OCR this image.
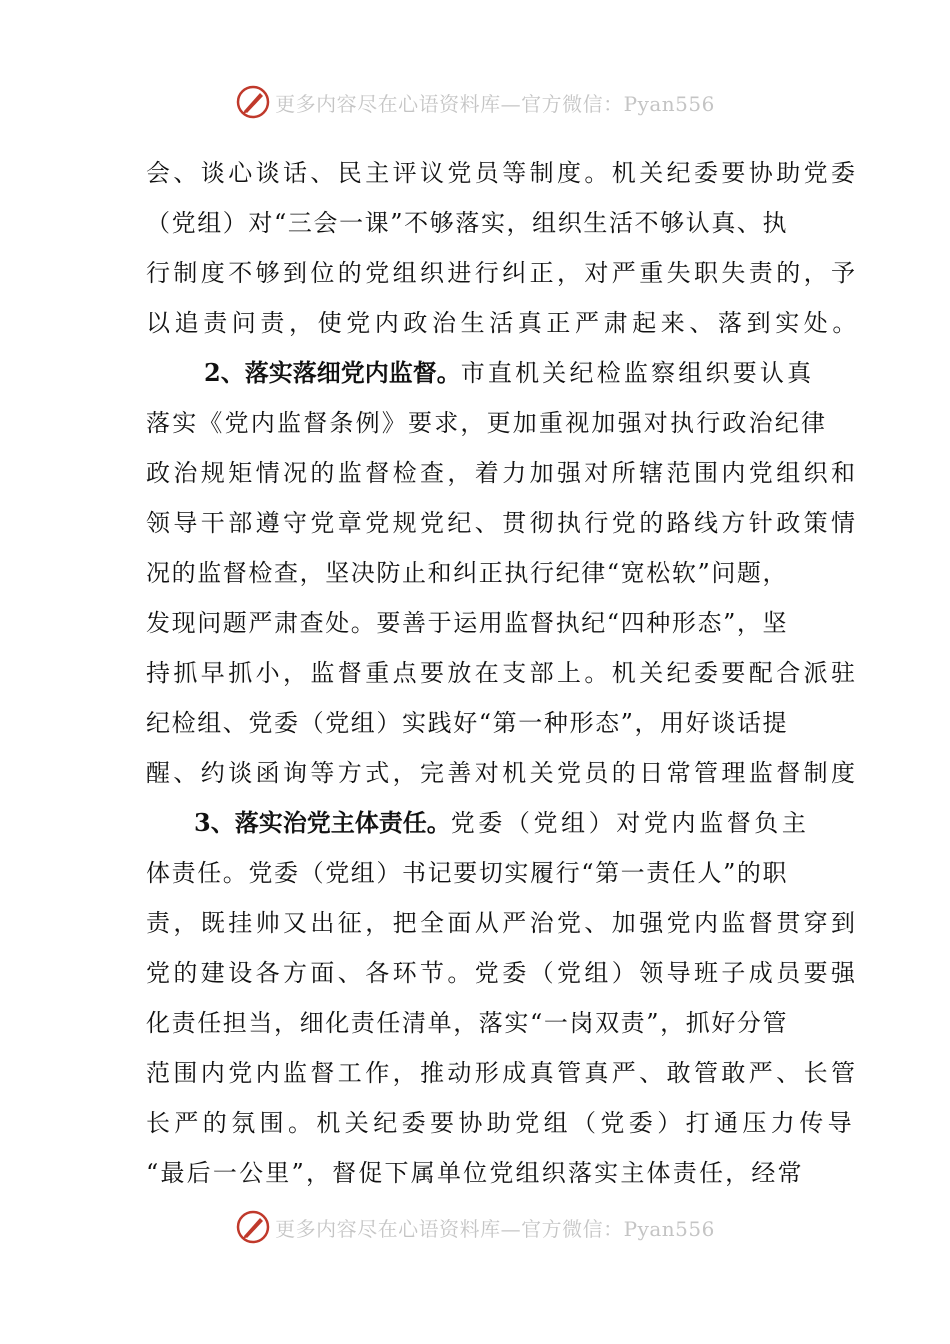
更多内容尽在心语资料库—官方微信：Pyan556
会、谈心谈话、民主评议党员等制度。机关纪委要协助党委
（党组）对“三会一课”不够落实，组织生活不够认真、执
行制度不够到位的党组织进行纠正，对严重失职失责的，予
以追责问责，使党内政治生活真正严肃起来、落到实处。
2、落实落细党内监督。 市直机关纪检监察组织要认真
落实《党内监督条例》要求，更加重视加强对执行政治纪律
政治规矩情况的监督检查，着力加强对所辖范围内党组织和
领导干部遵守党章党规党纪、贯彻执行党的路线方针政策情
况的监督检查，坚决防止和纠正执行纪律“宽松软”问题，
发现问题严肃查处。要善于运用监督执纪“四种形态”，坚
持抓早抓小，监督重点要放在支部上。机关纪委要配合派驻
纪检组、党委（党组）实践好“第一种形态”，用好谈话提
醒、约谈函询等方式，完善对机关党员的日常管理监督制度
3、落实治党主体责任。 党委（党组）对党内监督负主
体责任。党委（党组）书记要切实履行“第一责任人”的职
责，既挂帅又出征，把全面从严治党、加强党内监督贯穿到
党的建设各方面、各环节。党委（党组）领导班子成员要强
化责任担当，细化责任清单，落实“一岗双责”，抓好分管
范围内党内监督工作，推动形成真管真严、敢管敢严、长管
长严的氛围。机关纪委要协助党组（党委）打通压力传导
“最后一公里”，督促下属单位党组织落实主体责任，经常
更多内容尽在心语资料库—官方微信：Pyan556
